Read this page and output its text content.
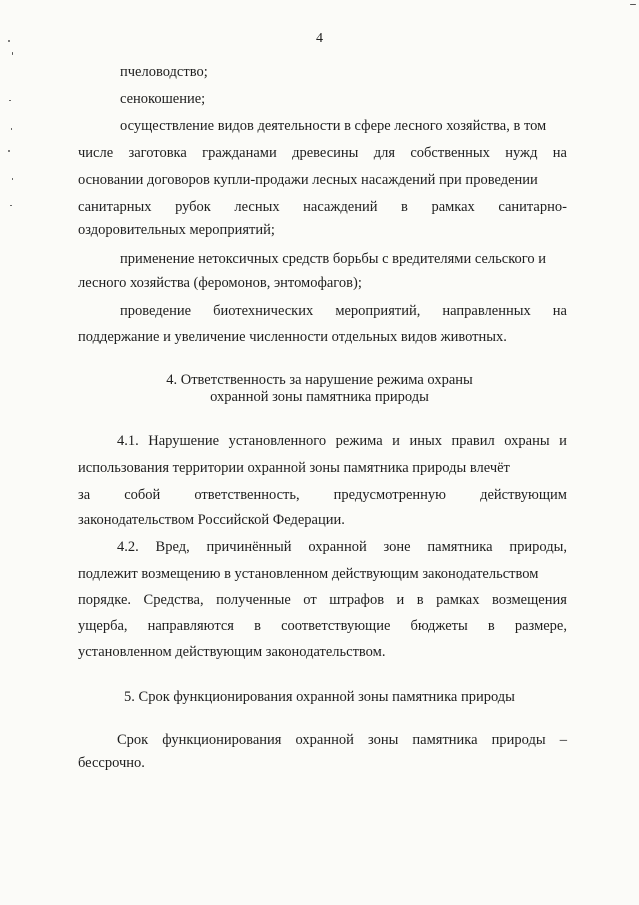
4
пчеловодство;
сенокошение;
осуществление видов деятельности в сфере лесного хозяйства, в том
числе заготовка гражданами древесины для собственных нужд на
основании договоров купли-продажи лесных насаждений при проведении
санитарных рубок лесных насаждений в рамках санитарно-
оздоровительных мероприятий;
применение нетоксичных средств борьбы с вредителями сельского и
лесного хозяйства (феромонов, энтомофагов);
проведение биотехнических мероприятий, направленных на
поддержание и увеличение численности отдельных видов животных.
4. Ответственность за нарушение режима охраны
охранной зоны памятника природы
4.1. Нарушение установленного режима и иных правил охраны и
использования территории охранной зоны памятника природы влечёт
за собой ответственность, предусмотренную действующим
законодательством Российской Федерации.
4.2. Вред, причинённый охранной зоне памятника природы,
подлежит возмещению в установленном действующим законодательством
порядке. Средства, полученные от штрафов и в рамках возмещения
ущерба, направляются в соответствующие бюджеты в размере,
установленном действующим законодательством.
5. Срок функционирования охранной зоны памятника природы
Срок функционирования охранной зоны памятника природы –
бессрочно.
